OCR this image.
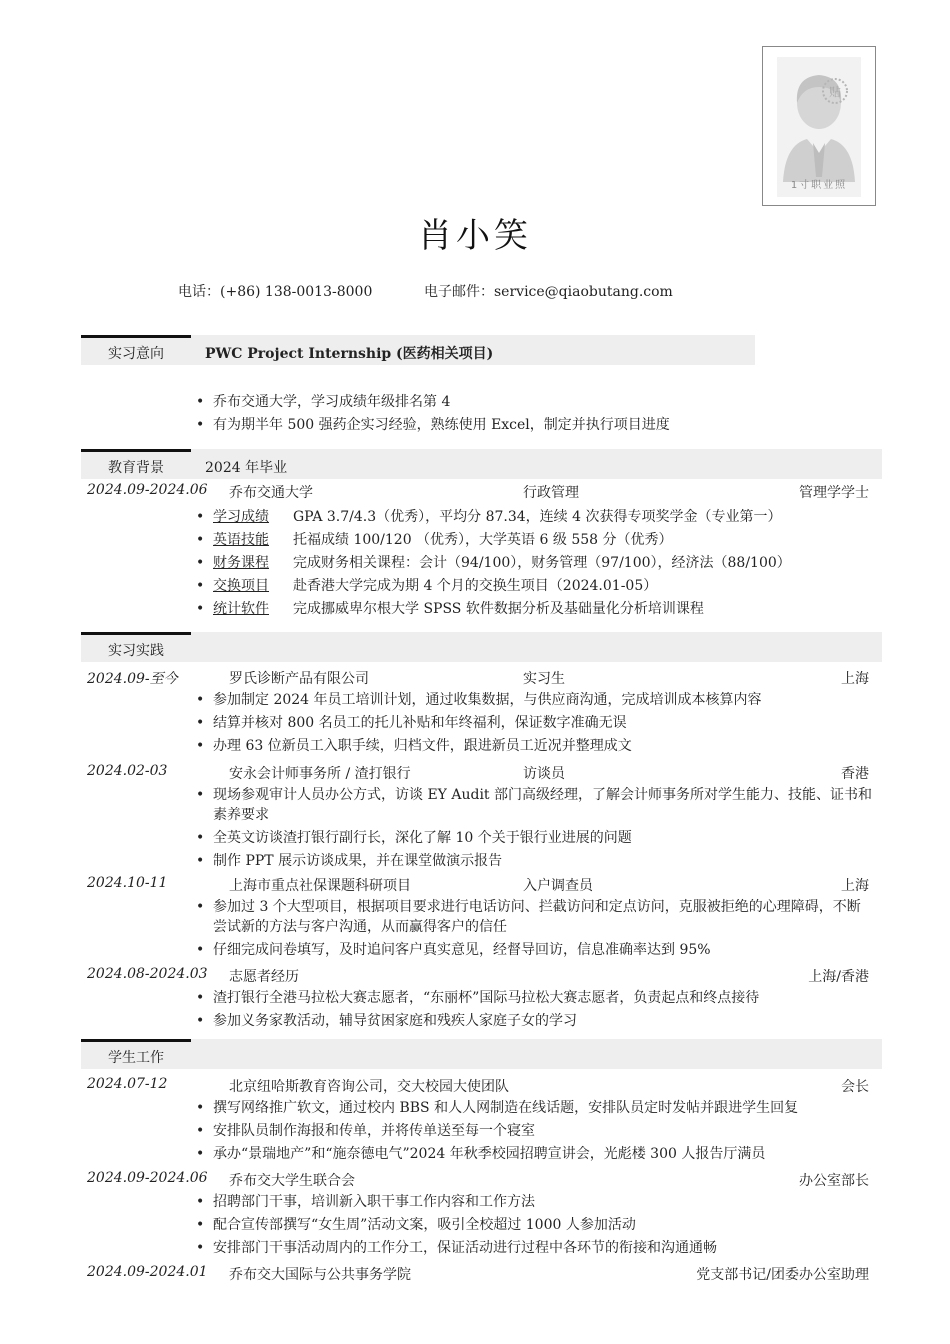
贴
1寸职业照
肖小笑
电话：(+86) 138-0013-8000	电子邮件：service@qiaobutang.com
实习意向	PWC Project Internship (医药相关项目)
• 乔布交通大学，学习成绩年级排名第 4
• 有为期半年 500 强药企实习经验，熟练使用 Excel，制定并执行项目进度
教育背景	2024 年毕业
2024.09-2024.06 乔布交通大学	行政管理	管理学学士
• 学习成绩 GPA 3.7/4.3（优秀），平均分 87.34，连续 4 次获得专项奖学金（专业第一）
• 英语技能 托福成绩 100/120 （优秀），大学英语 6 级 558 分（优秀）
• 财务课程 完成财务相关课程：会计（94/100），财务管理（97/100），经济法（88/100）
• 交换项目 赴香港大学完成为期 4 个月的交换生项目（2024.01-05）
• 统计软件 完成挪威卑尔根大学 SPSS 软件数据分析及基础量化分析培训课程
实习实践
2024.09-至今	罗氏诊断产品有限公司	实习生	上海
• 参加制定 2024 年员工培训计划，通过收集数据，与供应商沟通，完成培训成本核算内容
• 结算并核对 800 名员工的托儿补贴和年终福利，保证数字准确无误
• 办理 63 位新员工入职手续，归档文件，跟进新员工近况并整理成文
2024.02-03	安永会计师事务所 / 渣打银行	访谈员	香港
• 现场参观审计人员办公方式，访谈 EY Audit 部门高级经理，了解会计师事务所对学生能力、技能、证书和素养要求
• 全英文访谈渣打银行副行长，深化了解 10 个关于银行业进展的问题
• 制作 PPT 展示访谈成果，并在课堂做演示报告
2024.10-11	上海市重点社保课题科研项目	入户调查员	上海
• 参加过 3 个大型项目，根据项目要求进行电话访问、拦截访问和定点访问，克服被拒绝的心理障碍，不断尝试新的方法与客户沟通，从而赢得客户的信任
• 仔细完成问卷填写，及时追问客户真实意见，经督导回访，信息准确率达到 95%
2024.08-2024.03 志愿者经历	上海/香港
• 渣打银行全港马拉松大赛志愿者，“东丽杯”国际马拉松大赛志愿者，负责起点和终点接待
• 参加义务家教活动，辅导贫困家庭和残疾人家庭子女的学习
学生工作
2024.07-12	北京纽哈斯教育咨询公司，交大校园大使团队	会长
• 撰写网络推广软文，通过校内 BBS 和人人网制造在线话题，安排队员定时发帖并跟进学生回复
• 安排队员制作海报和传单，并将传单送至每一个寝室
• 承办“景瑞地产”和“施奈德电气”2024 年秋季校园招聘宣讲会，光彪楼 300 人报告厅满员
2024.09-2024.06 乔布交大学生联合会	办公室部长
• 招聘部门干事，培训新入职干事工作内容和工作方法
• 配合宣传部撰写“女生周”活动文案，吸引全校超过 1000 人参加活动
• 安排部门干事活动周内的工作分工，保证活动进行过程中各环节的衔接和沟通通畅
2024.09-2024.01 乔布交大国际与公共事务学院	党支部书记/团委办公室助理
